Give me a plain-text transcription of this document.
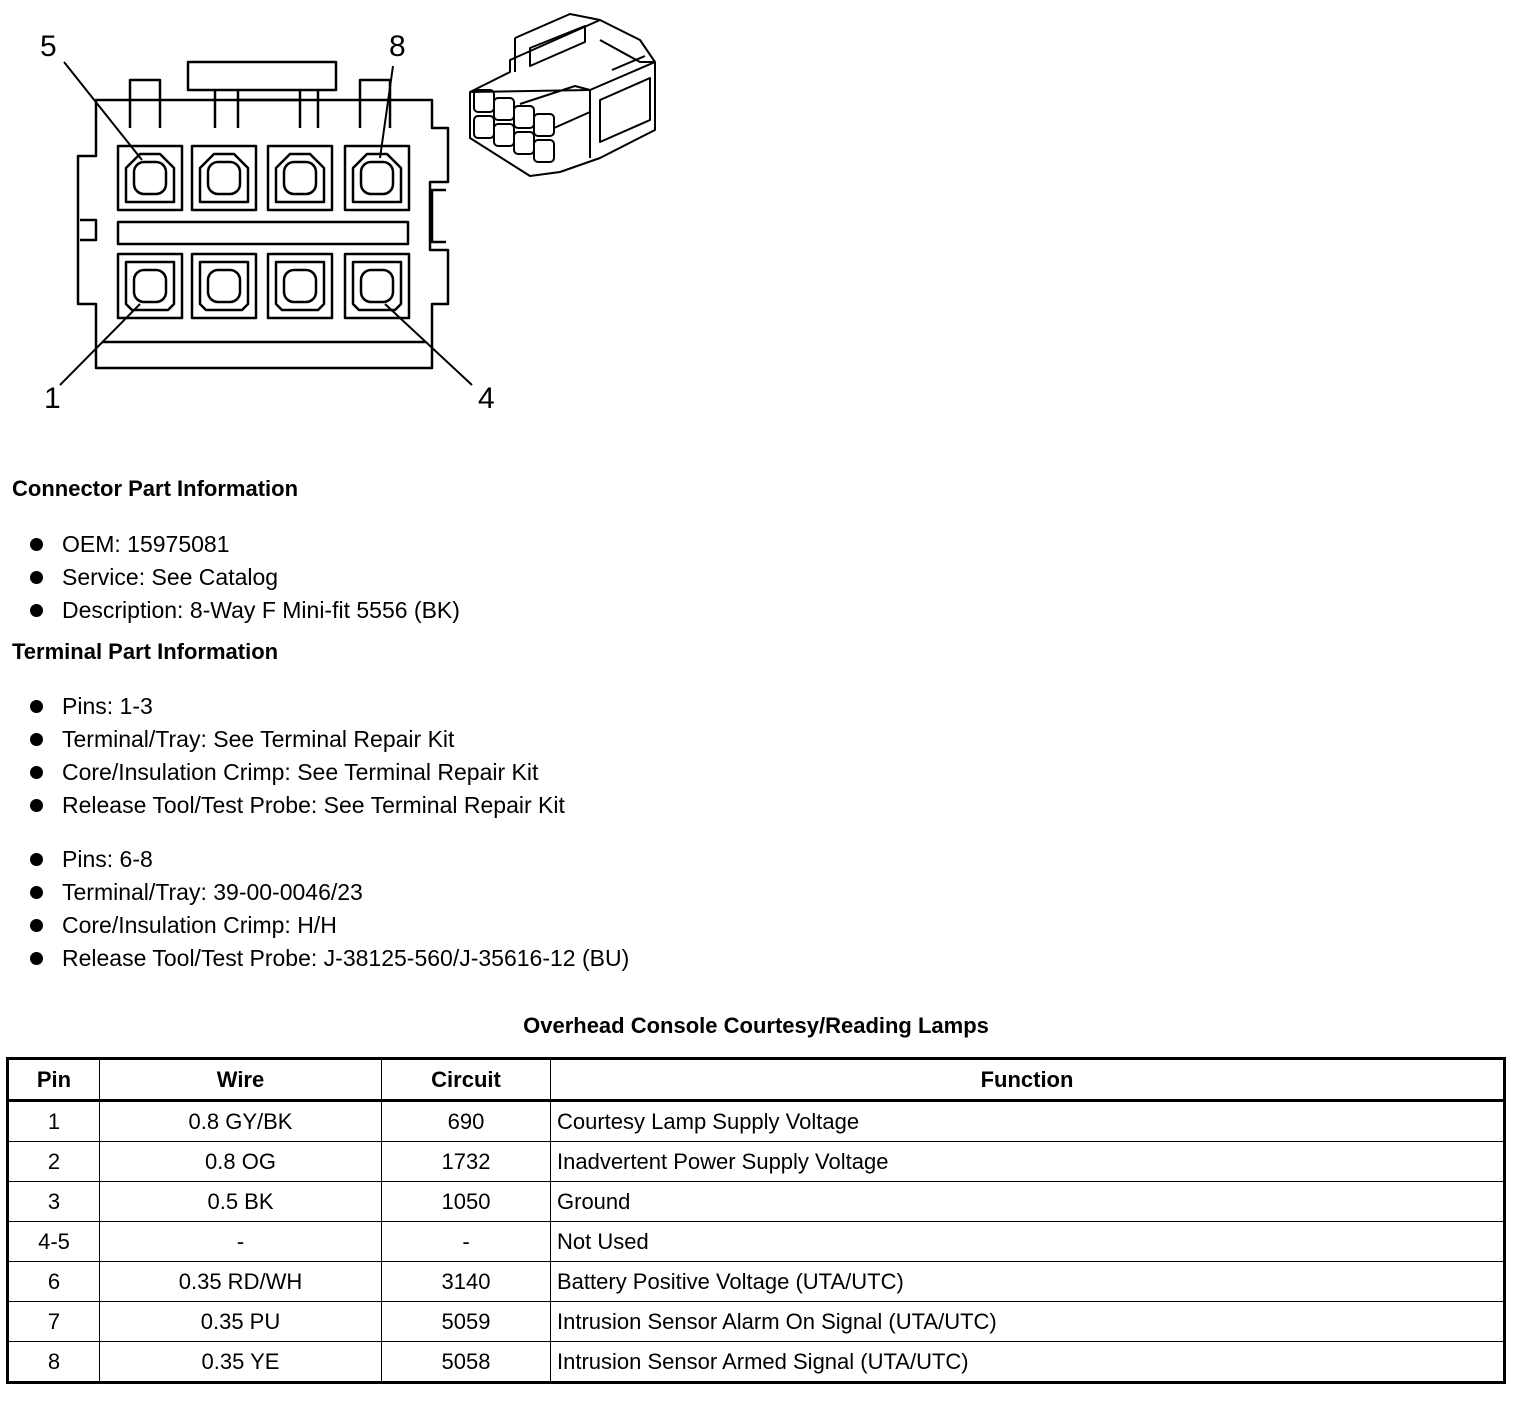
5	8
1	4
Connector Part Information
OEM: 15975081
Service: See Catalog
Description: 8-Way F Mini-fit 5556 (BK)
Terminal Part Information
Pins: 1-3
Terminal/Tray: See Terminal Repair Kit
Core/Insulation Crimp: See Terminal Repair Kit
Release Tool/Test Probe: See Terminal Repair Kit
Pins: 6-8
Terminal/Tray: 39-00-0046/23
Core/Insulation Crimp: H/H
Release Tool/Test Probe: J-38125-560/J-35616-12 (BU)
Overhead Console Courtesy/Reading Lamps
Pin	Wire	Circuit	Function
1	0.8 GY/BK	690	Courtesy Lamp Supply Voltage
2	0.8 OG	1732	Inadvertent Power Supply Voltage
3	0.5 BK	1050	Ground
4-5	-	-	Not Used
6	0.35 RD/WH	3140	Battery Positive Voltage (UTA/UTC)
7	0.35 PU	5059	Intrusion Sensor Alarm On Signal (UTA/UTC)
8	0.35 YE	5058	Intrusion Sensor Armed Signal (UTA/UTC)
